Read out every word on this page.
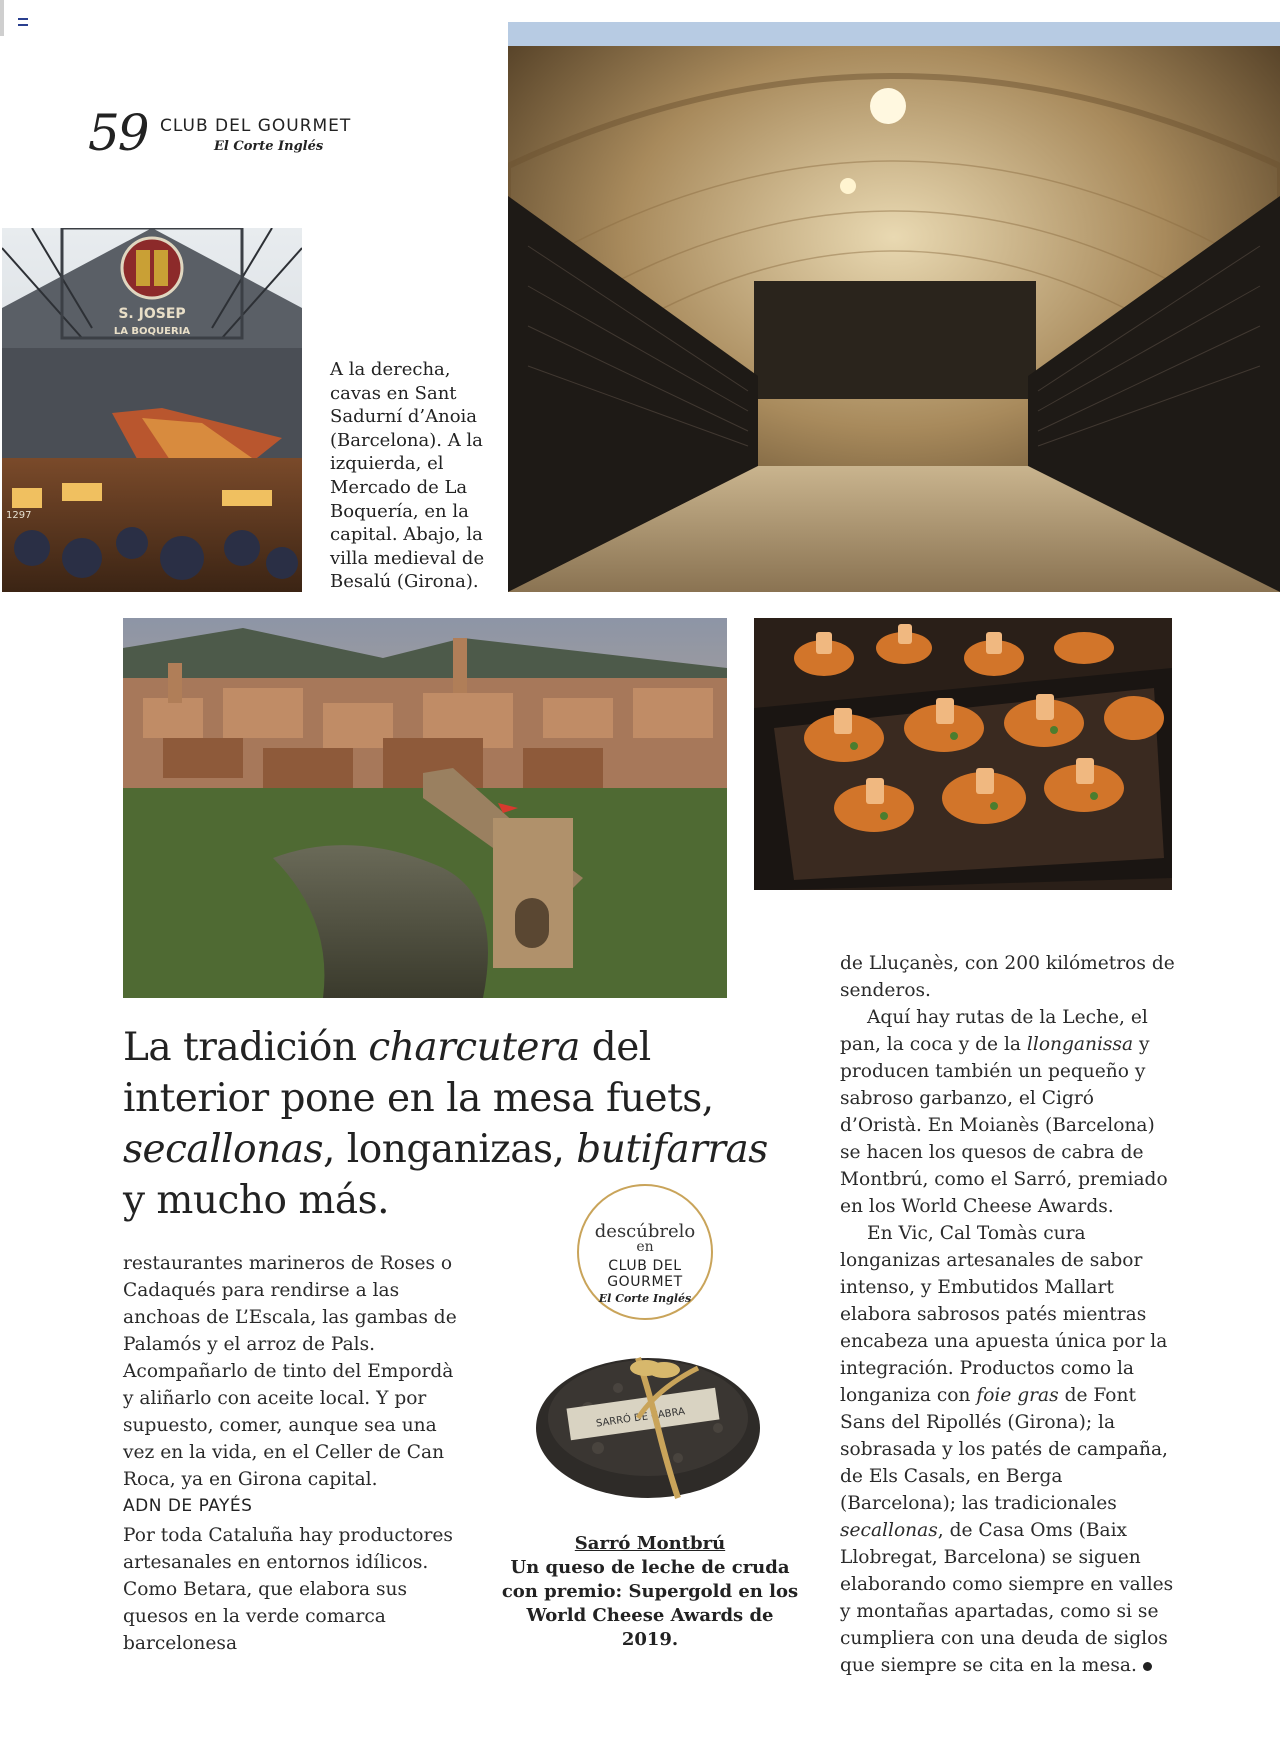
59 CLUB DEL GOURMET
El Corte Inglés
S. JOSEP
LA BOQUERIA
1297
A la derecha, cavas en Sant Sadurní d’Anoia (Barcelona). A la izquierda, el Mercado de La Boquería, en la capital. Abajo, la villa medieval de Besalú (Girona).
La tradición charcutera del interior pone en la mesa fuets, secallonas, longanizas, butifarras y mucho más.

restaurantes marineros de Roses o Cadaqués para rendirse a las anchoas de L’Escala, las gambas de Palamós y el arroz de Pals. Acompañarlo de tinto del Empordà y aliñarlo con aceite local. Y por supuesto, comer, aunque sea una vez en la vida, en el Celler de Can Roca, ya en Girona capital.

ADN DE PAYÉS

Por toda Cataluña hay productores artesanales en entornos idílicos. Como Betara, que elabora sus quesos en la verde comarca barcelonesa

descúbrelo
en
CLUB DEL GOURMET
El Corte Inglés
SARRÓ DE CABRA
Sarró Montbrú
Un queso de leche de cruda con premio: Supergold en los World Cheese Awards de 2019.

de Lluçanès, con 200 kilómetros de senderos.

Aquí hay rutas de la Leche, el pan, la coca y de la llonganissa y producen también un pequeño y sabroso garbanzo, el Cigró d’Oristà. En Moianès (Barcelona) se hacen los quesos de cabra de Montbrú, como el Sarró, premiado en los World Cheese Awards.

En Vic, Cal Tomàs cura longanizas artesanales de sabor intenso, y Embutidos Mallart elabora sabrosos patés mientras encabeza una apuesta única por la integración. Productos como la longaniza con foie gras de Font Sans del Ripollés (Girona); la sobrasada y los patés de campaña, de Els Casals, en Berga (Barcelona); las tradicionales secallonas, de Casa Oms (Baix Llobregat, Barcelona) se siguen elaborando como siempre en valles y montañas apartadas, como si se cumpliera con una deuda de siglos que siempre se cita en la mesa.
